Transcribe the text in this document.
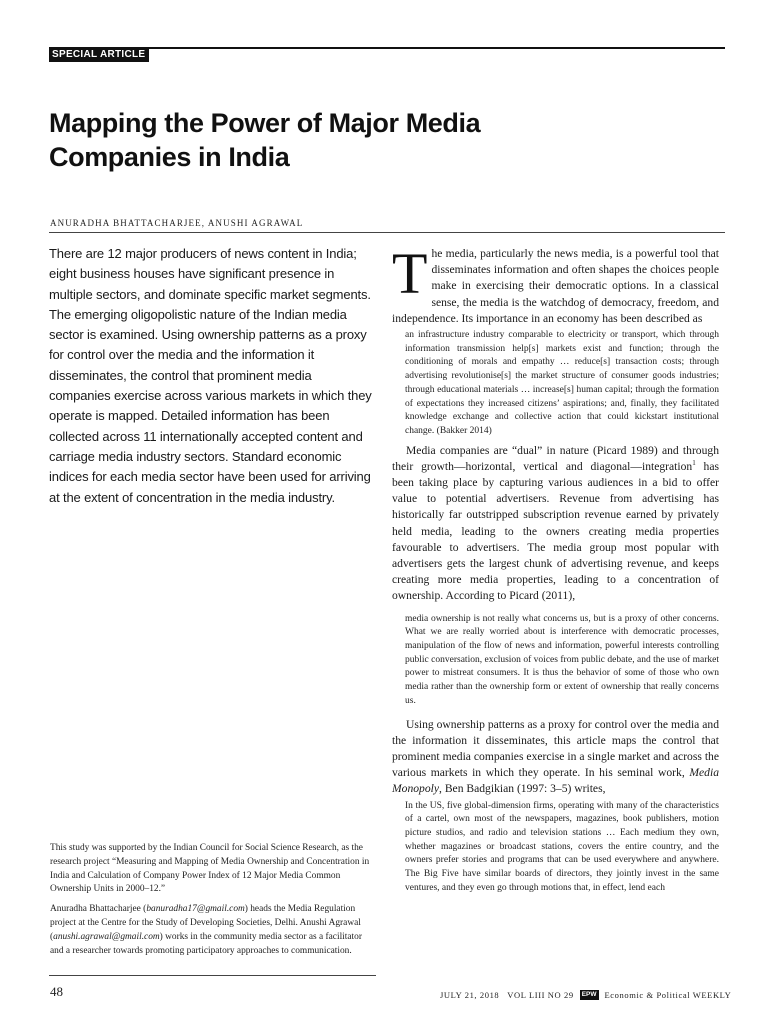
SPECIAL ARTICLE
Mapping the Power of Major Media
Companies in India
ANURADHA BHATTACHARJEE, ANUSHI AGRAWAL
There are 12 major producers of news content in India; eight business houses have significant presence in multiple sectors, and dominate specific market segments. The emerging oligopolistic nature of the Indian media sector is examined. Using ownership patterns as a proxy for control over the media and the information it disseminates, the control that prominent media companies exercise across various markets in which they operate is mapped. Detailed information has been collected across 11 internationally accepted content and carriage media industry sectors. Standard economic indices for each media sector have been used for arriving at the extent of concentration in the media industry.

This study was supported by the Indian Council for Social Science Research, as the research project “Measuring and Mapping of Media Ownership and Concentration in India and Calculation of Company Power Index of 12 Major Media Common Ownership Units in 2000–12.”

Anuradha Bhattacharjee (banuradha17@gmail.com) heads the Media Regulation project at the Centre for the Study of Developing Societies, Delhi. Anushi Agrawal (anushi.agrawal@gmail.com) works in the community media sector as a facilitator and a researcher towards promoting participatory approaches to communication.

The media, particularly the news media, is a powerful tool that disseminates information and often shapes the choices people make in exercising their democratic options. In a classical sense, the media is the watchdog of democracy, freedom, and independence. Its importance in an economy has been described as

an infrastructure industry comparable to electricity or transport, which through information transmission help[s] markets exist and function; through the conditioning of morals and empathy … reduce[s] transaction costs; through advertising revolutionise[s] the market structure of consumer goods industries; through educational materials … increase[s] human capital; through the formation of expectations they increased citizens’ aspirations; and, finally, they facilitated knowledge exchange and collective action that could kickstart institutional change. (Bakker 2014)

Media companies are “dual” in nature (Picard 1989) and through their growth—horizontal, vertical and diagonal—integration$^1$ has been taking place by capturing various audiences in a bid to offer value to potential advertisers. Revenue from advertising has historically far outstripped subscription revenue earned by privately held media, leading to the owners creating media properties favourable to advertisers. The media group most popular with advertisers gets the largest chunk of advertising revenue, and keeps creating more media properties, leading to a concentration of ownership. According to Picard (2011),

media ownership is not really what concerns us, but is a proxy of other concerns. What we are really worried about is interference with democratic processes, manipulation of the flow of news and information, powerful interests controlling public conversation, exclusion of voices from public debate, and the use of market power to mistreat consumers. It is thus the behavior of some of those who own media rather than the ownership form or extent of ownership that really concerns us.

Using ownership patterns as a proxy for control over the media and the information it disseminates, this article maps the control that prominent media companies exercise in a single market and across the various markets in which they operate. In his seminal work, Media Monopoly, Ben Badgikian (1997: 3–5) writes,

In the US, five global-dimension firms, operating with many of the characteristics of a cartel, own most of the newspapers, magazines, book publishers, motion picture studios, and radio and television stations … Each medium they own, whether magazines or broadcast stations, covers the entire country, and the owners prefer stories and programs that can be used everywhere and anywhere. The Big Five have similar boards of directors, they jointly invest in the same ventures, and they even go through motions that, in effect, lend each

48	JULY 21, 2018   VOL LIII NO 29	EPW Economic & Political WEEKLY
